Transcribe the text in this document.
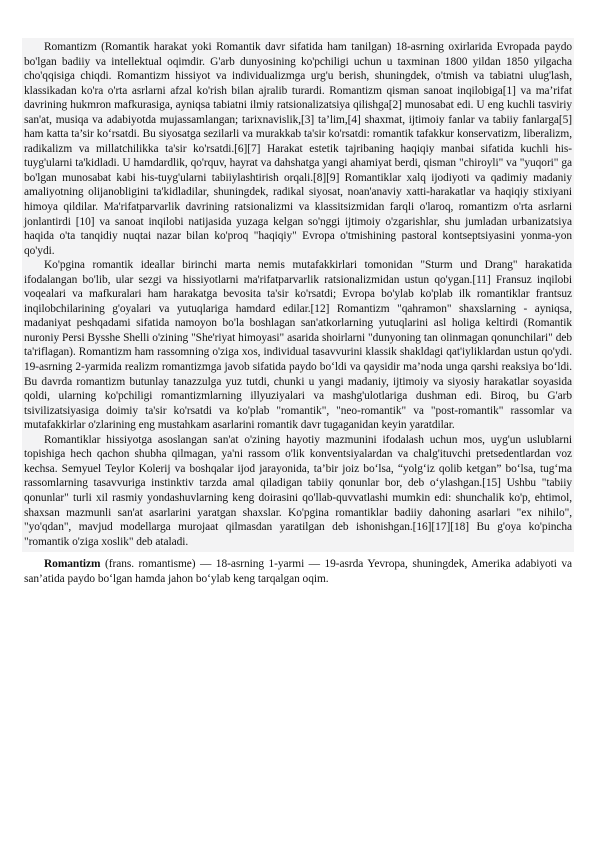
Romantizm (Romantik harakat yoki Romantik davr sifatida ham tanilgan) 18-asrning oxirlarida Evropada paydo bo'lgan badiiy va intellektual oqimdir. G'arb dunyosining ko'pchiligi uchun u taxminan 1800 yildan 1850 yilgacha cho'qqisiga chiqdi. Romantizm hissiyot va individualizmga urg'u berish, shuningdek, o'tmish va tabiatni ulug'lash, klassikadan ko'ra o'rta asrlarni afzal ko'rish bilan ajralib turardi. Romantizm qisman sanoat inqilobiga[1] va ma’rifat davrining hukmron mafkurasiga, ayniqsa tabiatni ilmiy ratsionalizatsiya qilishga[2] munosabat edi. U eng kuchli tasviriy san'at, musiqa va adabiyotda mujassamlangan; tarixnavislik,[3] ta’lim,[4] shaxmat, ijtimoiy fanlar va tabiiy fanlarga[5] ham katta ta’sir ko‘rsatdi. Bu siyosatga sezilarli va murakkab ta'sir ko'rsatdi: romantik tafakkur konservatizm, liberalizm, radikalizm va millatchilikka ta'sir ko'rsatdi.[6][7] Harakat estetik tajribaning haqiqiy manbai sifatida kuchli his-tuyg'ularni ta'kidladi. U hamdardlik, qo'rquv, hayrat va dahshatga yangi ahamiyat berdi, qisman "chiroyli" va "yuqori" ga bo'lgan munosabat kabi his-tuyg'ularni tabiiylashtirish orqali.[8][9] Romantiklar xalq ijodiyoti va qadimiy madaniy amaliyotning olijanobligini ta'kidladilar, shuningdek, radikal siyosat, noan'anaviy xatti-harakatlar va haqiqiy stixiyani himoya qildilar. Ma'rifatparvarlik davrining ratsionalizmi va klassitsizmidan farqli o'laroq, romantizm o'rta asrlarni jonlantirdi [10] va sanoat inqilobi natijasida yuzaga kelgan so'nggi ijtimoiy o'zgarishlar, shu jumladan urbanizatsiya haqida o'ta tanqidiy nuqtai nazar bilan ko'proq "haqiqiy" Evropa o'tmishining pastoral kontseptsiyasini yonma-yon qo'ydi.

Ko'pgina romantik ideallar birinchi marta nemis mutafakkirlari tomonidan "Sturm und Drang" harakatida ifodalangan bo'lib, ular sezgi va hissiyotlarni ma'rifatparvarlik ratsionalizmidan ustun qo'ygan.[11] Fransuz inqilobi voqealari va mafkuralari ham harakatga bevosita ta'sir ko'rsatdi; Evropa bo'ylab ko'plab ilk romantiklar frantsuz inqilobchilarining g'oyalari va yutuqlariga hamdard edilar.[12] Romantizm "qahramon" shaxslarning - ayniqsa, madaniyat peshqadami sifatida namoyon bo'la boshlagan san'atkorlarning yutuqlarini asl holiga keltirdi (Romantik nuroniy Persi Bysshe Shelli o'zining "She'riyat himoyasi" asarida shoirlarni "dunyoning tan olinmagan qonunchilari" deb ta'riflagan). Romantizm ham rassomning o'ziga xos, individual tasavvurini klassik shakldagi qat'iyliklardan ustun qo'ydi. 19-asrning 2-yarmida realizm romantizmga javob sifatida paydo bo‘ldi va qaysidir ma’noda unga qarshi reaksiya bo‘ldi. Bu davrda romantizm butunlay tanazzulga yuz tutdi, chunki u yangi madaniy, ijtimoiy va siyosiy harakatlar soyasida qoldi, ularning ko'pchiligi romantizmlarning illyuziyalari va mashg'ulotlariga dushman edi. Biroq, bu G'arb tsivilizatsiyasiga doimiy ta'sir ko'rsatdi va ko'plab "romantik", "neo-romantik" va "post-romantik" rassomlar va mutafakkirlar o'zlarining eng mustahkam asarlarini romantik davr tugaganidan keyin yaratdilar.

Romantiklar hissiyotga asoslangan san'at o'zining hayotiy mazmunini ifodalash uchun mos, uyg'un uslublarni topishiga hech qachon shubha qilmagan, ya'ni rassom o'lik konventsiyalardan va chalg'ituvchi pretsedentlardan voz kechsa. Semyuel Teylor Kolerij va boshqalar ijod jarayonida, ta’bir joiz bo‘lsa, “yolg‘iz qolib ketgan” bo‘lsa, tug‘ma rassomlarning tasavvuriga instinktiv tarzda amal qiladigan tabiiy qonunlar bor, deb o‘ylashgan.[15] Ushbu "tabiiy qonunlar" turli xil rasmiy yondashuvlarning keng doirasini qo'llab-quvvatlashi mumkin edi: shunchalik ko'p, ehtimol, shaxsan mazmunli san'at asarlarini yaratgan shaxslar. Ko'pgina romantiklar badiiy dahoning asarlari "ex nihilo", "yo'qdan", mavjud modellarga murojaat qilmasdan yaratilgan deb ishonishgan.[16][17][18] Bu g'oya ko'pincha "romantik o'ziga xoslik" deb ataladi.

Romantizm (frans. romantisme) — 18-asrning 1-yarmi — 19-asrda Yevropa, shuningdek, Amerika adabiyoti va san’atida paydo bo‘lgan hamda jahon bo‘ylab keng tarqalgan oqim.
